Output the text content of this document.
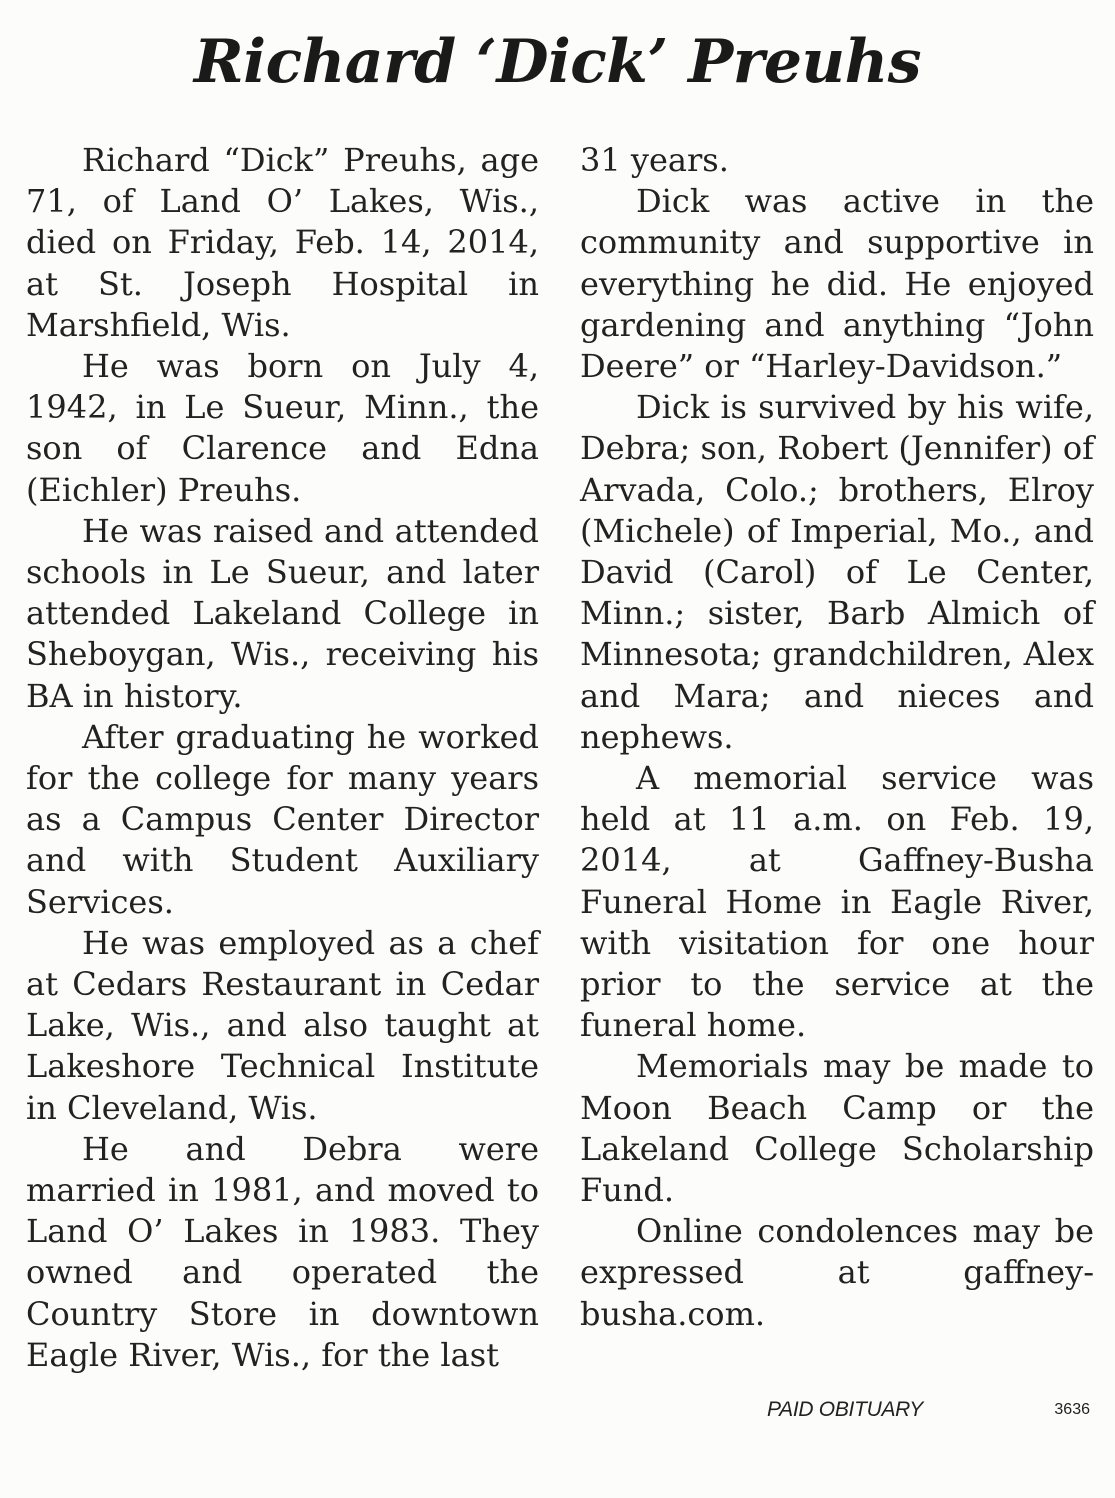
Richard ‘Dick’ Preuhs

Richard “Dick” Preuhs, age 71, of Land O’ Lakes, Wis., died on Friday, Feb. 14, 2014, at St. Joseph Hospital in Marshfield, Wis.

He was born on July 4, 1942, in Le Sueur, Minn., the son of Clarence and Edna (Eichler) Preuhs.

He was raised and attended schools in Le Sueur, and later attended Lakeland College in Sheboygan, Wis., receiving his BA in history.

After graduating he worked for the college for many years as a Campus Center Director and with Student Auxiliary Services.

He was employed as a chef at Cedars Restaurant in Cedar Lake, Wis., and also taught at Lakeshore Technical Institute in Cleveland, Wis.

He and Debra were married in 1981, and moved to Land O’ Lakes in 1983. They owned and operated the Country Store in downtown Eagle River, Wis., for the last

31 years.

Dick was active in the community and supportive in everything he did. He enjoyed gardening and anything “John Deere” or “Harley-Davidson.”

Dick is survived by his wife, Debra; son, Robert (Jennifer) of Arvada, Colo.; brothers, Elroy (Michele) of Imperial, Mo., and David (Carol) of Le Center, Minn.; sister, Barb Almich of Minnesota; grandchildren, Alex and Mara; and nieces and nephews.

A memorial service was held at 11 a.m. on Feb. 19, 2014, at Gaffney-Busha Funeral Home in Eagle River, with visitation for one hour prior to the service at the funeral home.

Memorials may be made to Moon Beach Camp or the Lakeland College Scholarship Fund.

Online condolences may be expressed at gaffney-busha.com.

PAID OBITUARY	3636
